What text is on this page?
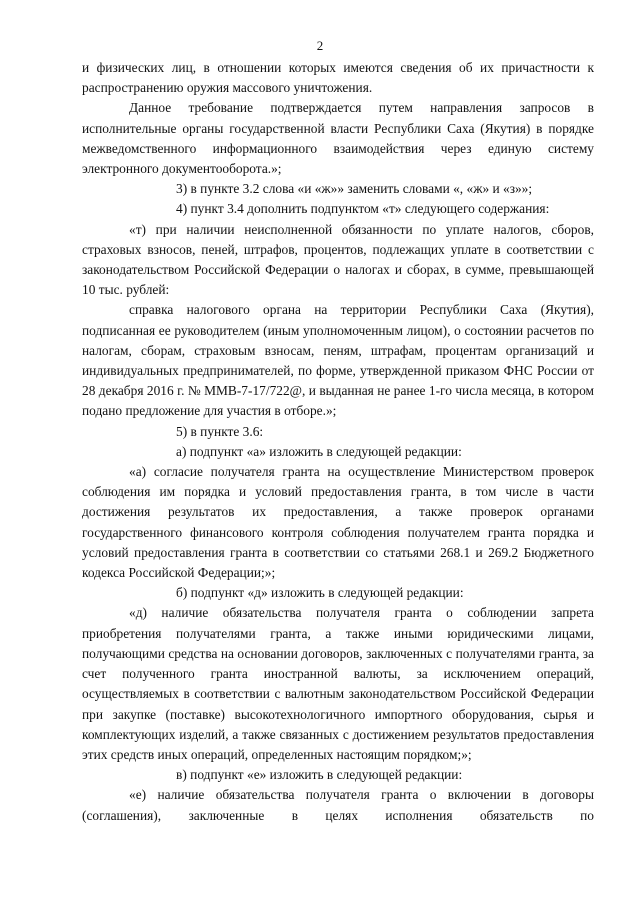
2

и физических лиц, в отношении которых имеются сведения об их причастности к распространению оружия массового уничтожения.

Данное требование подтверждается путем направления запросов в исполнительные органы государственной власти Республики Саха (Якутия) в порядке межведомственного информационного взаимодействия через единую систему электронного документооборота.»;

3) в пункте 3.2 слова «и «ж»» заменить словами «, «ж» и «з»»;

4) пункт 3.4 дополнить подпунктом «т» следующего содержания:

«т) при наличии неисполненной обязанности по уплате налогов, сборов, страховых взносов, пеней, штрафов, процентов, подлежащих уплате в соответствии с законодательством Российской Федерации о налогах и сборах, в сумме, превышающей 10 тыс. рублей:

справка налогового органа на территории Республики Саха (Якутия), подписанная ее руководителем (иным уполномоченным лицом), о состоянии расчетов по налогам, сборам, страховым взносам, пеням, штрафам, процентам организаций и индивидуальных предпринимателей, по форме, утвержденной приказом ФНС России от 28 декабря 2016 г. № ММВ-7-17/722@, и выданная не ранее 1-го числа месяца, в котором подано предложение для участия в отборе.»;

5) в пункте 3.6:

а) подпункт «а» изложить в следующей редакции:

«а) согласие получателя гранта на осуществление Министерством проверок соблюдения им порядка и условий предоставления гранта, в том числе в части достижения результатов их предоставления, а также проверок органами государственного финансового контроля соблюдения получателем гранта порядка и условий предоставления гранта в соответствии со статьями 268.1 и 269.2 Бюджетного кодекса Российской Федерации;»;

б) подпункт «д» изложить в следующей редакции:

«д) наличие обязательства получателя гранта о соблюдении запрета приобретения получателями гранта, а также иными юридическими лицами, получающими средства на основании договоров, заключенных с получателями гранта, за счет полученного гранта иностранной валюты, за исключением операций, осуществляемых в соответствии с валютным законодательством Российской Федерации при закупке (поставке) высокотехнологичного импортного оборудования, сырья и комплектующих изделий, а также связанных с достижением результатов предоставления этих средств иных операций, определенных настоящим порядком;»;

в) подпункт «е» изложить в следующей редакции:

«е) наличие обязательства получателя гранта о включении в договоры (соглашения), заключенные в целях исполнения обязательств по
